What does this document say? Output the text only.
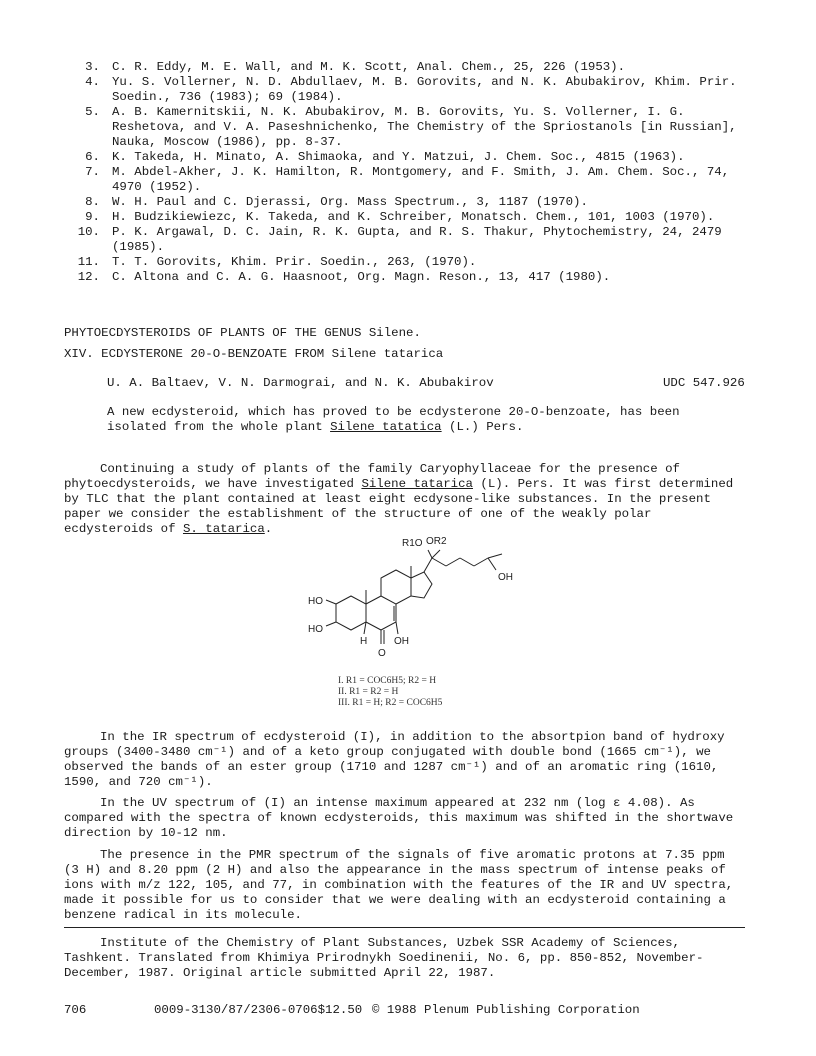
3. C. R. Eddy, M. E. Wall, and M. K. Scott, Anal. Chem., 25, 226 (1953).
4. Yu. S. Vollerner, N. D. Abdullaev, M. B. Gorovits, and N. K. Abubakirov, Khim. Prir. Soedin., 736 (1983); 69 (1984).
5. A. B. Kamernitskii, N. K. Abubakirov, M. B. Gorovits, Yu. S. Vollerner, I. G. Reshetova, and V. A. Paseshnichenko, The Chemistry of the Spriostanols [in Russian], Nauka, Moscow (1986), pp. 8-37.
6. K. Takeda, H. Minato, A. Shimaoka, and Y. Matzui, J. Chem. Soc., 4815 (1963).
7. M. Abdel-Akher, J. K. Hamilton, R. Montgomery, and F. Smith, J. Am. Chem. Soc., 74, 4970 (1952).
8. W. H. Paul and C. Djerassi, Org. Mass Spectrum., 3, 1187 (1970).
9. H. Budzikiewiezc, K. Takeda, and K. Schreiber, Monatsch. Chem., 101, 1003 (1970).
10. P. K. Argawal, D. C. Jain, R. K. Gupta, and R. S. Thakur, Phytochemistry, 24, 2479 (1985).
11. T. T. Gorovits, Khim. Prir. Soedin., 263, (1970).
12. C. Altona and C. A. G. Haasnoot, Org. Magn. Reson., 13, 417 (1980).
PHYTOECDYSTEROIDS OF PLANTS OF THE GENUS Silene.
XIV. ECDYSTERONE 20-O-BENZOATE FROM Silene tatarica
U. A. Baltaev, V. N. Darmograi, and N. K. Abubakirov	UDC 547.926
A new ecdysteroid, which has proved to be ecdysterone 20-O-benzoate, has been isolated from the whole plant Silene tatatica (L.) Pers.
Continuing a study of plants of the family Caryophyllaceae for the presence of phytoecdysteroids, we have investigated Silene tatarica (L). Pers. It was first determined by TLC that the plant contained at least eight ecdysone-like substances. In the present paper we consider the establishment of the structure of one of the weakly polar ecdysteroids of S. tatarica.
R1O OR2
OH
HO
HO
OH
H
O
I. R1 = COC6H5; R2 = H
II. R1 = R2 = H
III. R1 = H; R2 = COC6H5
In the IR spectrum of ecdysteroid (I), in addition to the absortpion band of hydroxy groups (3400-3480 cm⁻¹) and of a keto group conjugated with double bond (1665 cm⁻¹), we observed the bands of an ester group (1710 and 1287 cm⁻¹) and of an aromatic ring (1610, 1590, and 720 cm⁻¹).
In the UV spectrum of (I) an intense maximum appeared at 232 nm (log ε 4.08). As compared with the spectra of known ecdysteroids, this maximum was shifted in the shortwave direction by 10-12 nm.
The presence in the PMR spectrum of the signals of five aromatic protons at 7.35 ppm (3 H) and 8.20 ppm (2 H) and also the appearance in the mass spectrum of intense peaks of ions with m/z 122, 105, and 77, in combination with the features of the IR and UV spectra, made it possible for us to consider that we were dealing with an ecdysteroid containing a benzene radical in its molecule.
Institute of the Chemistry of Plant Substances, Uzbek SSR Academy of Sciences, Tashkent. Translated from Khimiya Prirodnykh Soedinenii, No. 6, pp. 850-852, November-December, 1987. Original article submitted April 22, 1987.
706	0009-3130/87/2306-0706$12.50 © 1988 Plenum Publishing Corporation
